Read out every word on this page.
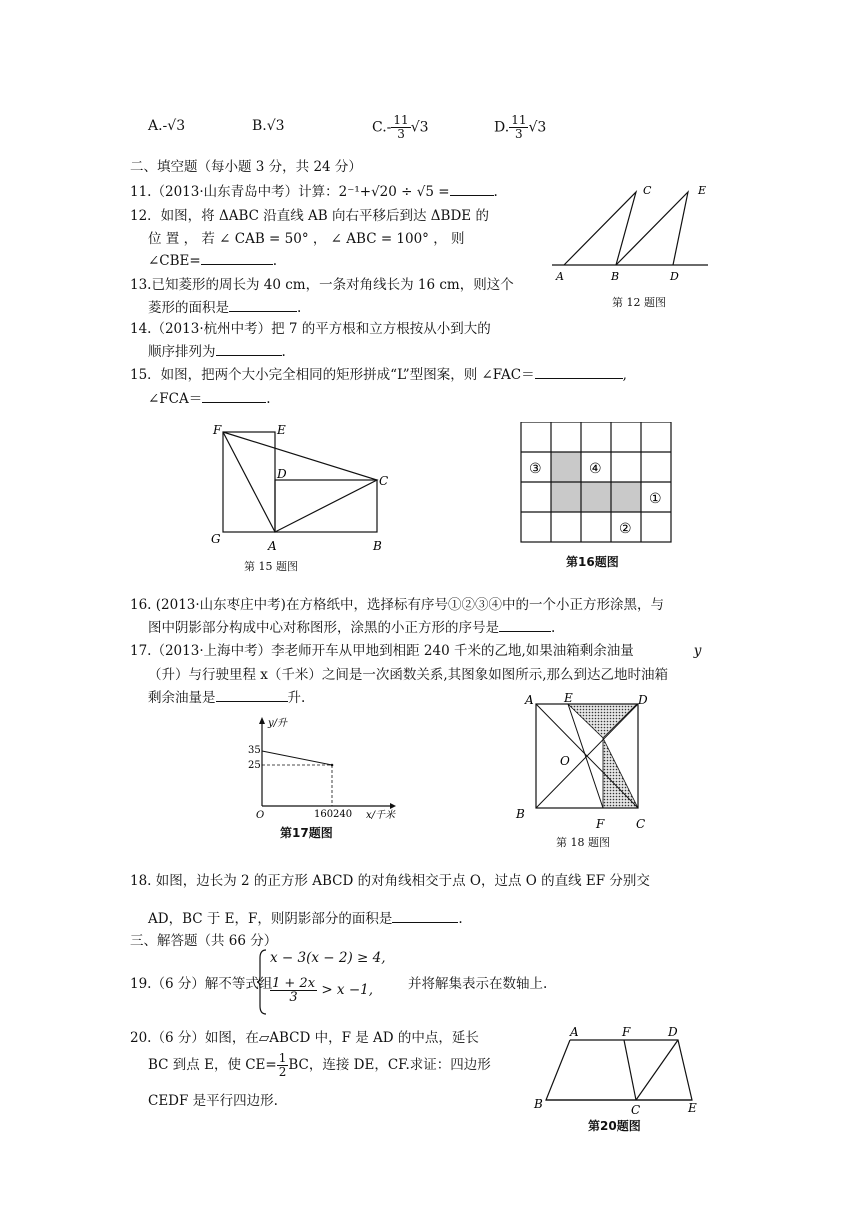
A.-√3	B.√3	$C.- \frac{11}{3} √3$	D. $\frac{11}{3} √3$
二、填空题（每小题 3 分，共 24 分）
11.（2013·山东青岛中考）计算：2⁻¹+√20 ÷ √5 =	.
12．如图，将 ΔABC 沿直线 AB 向右平移后到达 ΔBDE 的
位 置 ， 若 ∠ CAB = 50° ， ∠ ABC = 100° ， 则
∠CBE=	.
C	E
A	B	D
第 12 题图
13.已知菱形的周长为 40 cm，一条对角线长为 16 cm，则这个
菱形的面积是	.
14.（2013·杭州中考）把 7 的平方根和立方根按从小到大的
顺序排列为	.
15．如图，把两个大小完全相同的矩形拼成“L”型图案，则 ∠FAC＝	,
∠FCA＝	.
F	E
D	C
G	A	B
第 15 题图
③	④
①
②
第16题图
16. (2013·山东枣庄中考)在方格纸中，选择标有序号①②③④中的一个小正方形涂黑，与
图中阴影部分构成中心对称图形，涂黑的小正方形的序号是	.
17.（2013·上海中考）李老师开车从甲地到相距 240 千米的乙地,如果油箱剩余油量	y
（升）与行驶里程 x（千米）之间是一次函数关系,其图象如图所示,那么到达乙地时油箱
剩余油量是	升.
y/升
x/千米
O
35
25
160 240
第17题图
A	E	D
O
B
F	C
第 18 题图
18. 如图，边长为 2 的正方形 ABCD 的对角线相交于点 O，过点 O 的直线 EF 分别交
AD，BC 于 E，F，则阴影部分的面积是	.
三、解答题（共 66 分）
19.（6 分）解不等式组
x − 3(x − 2) ≥ 4,
$\frac{1 + 2x}{3} > x -1$,	并将解集表示在数轴上.
20.（6 分）如图，在▱ABCD 中，F 是 AD 的中点，延长
BC 到点 E，使 $CE= \frac{1}{2}$ BC，连接 DE，CF.求证：四边形
CEDF 是平行四边形.
A	F	D
B	C	E
第20题图
